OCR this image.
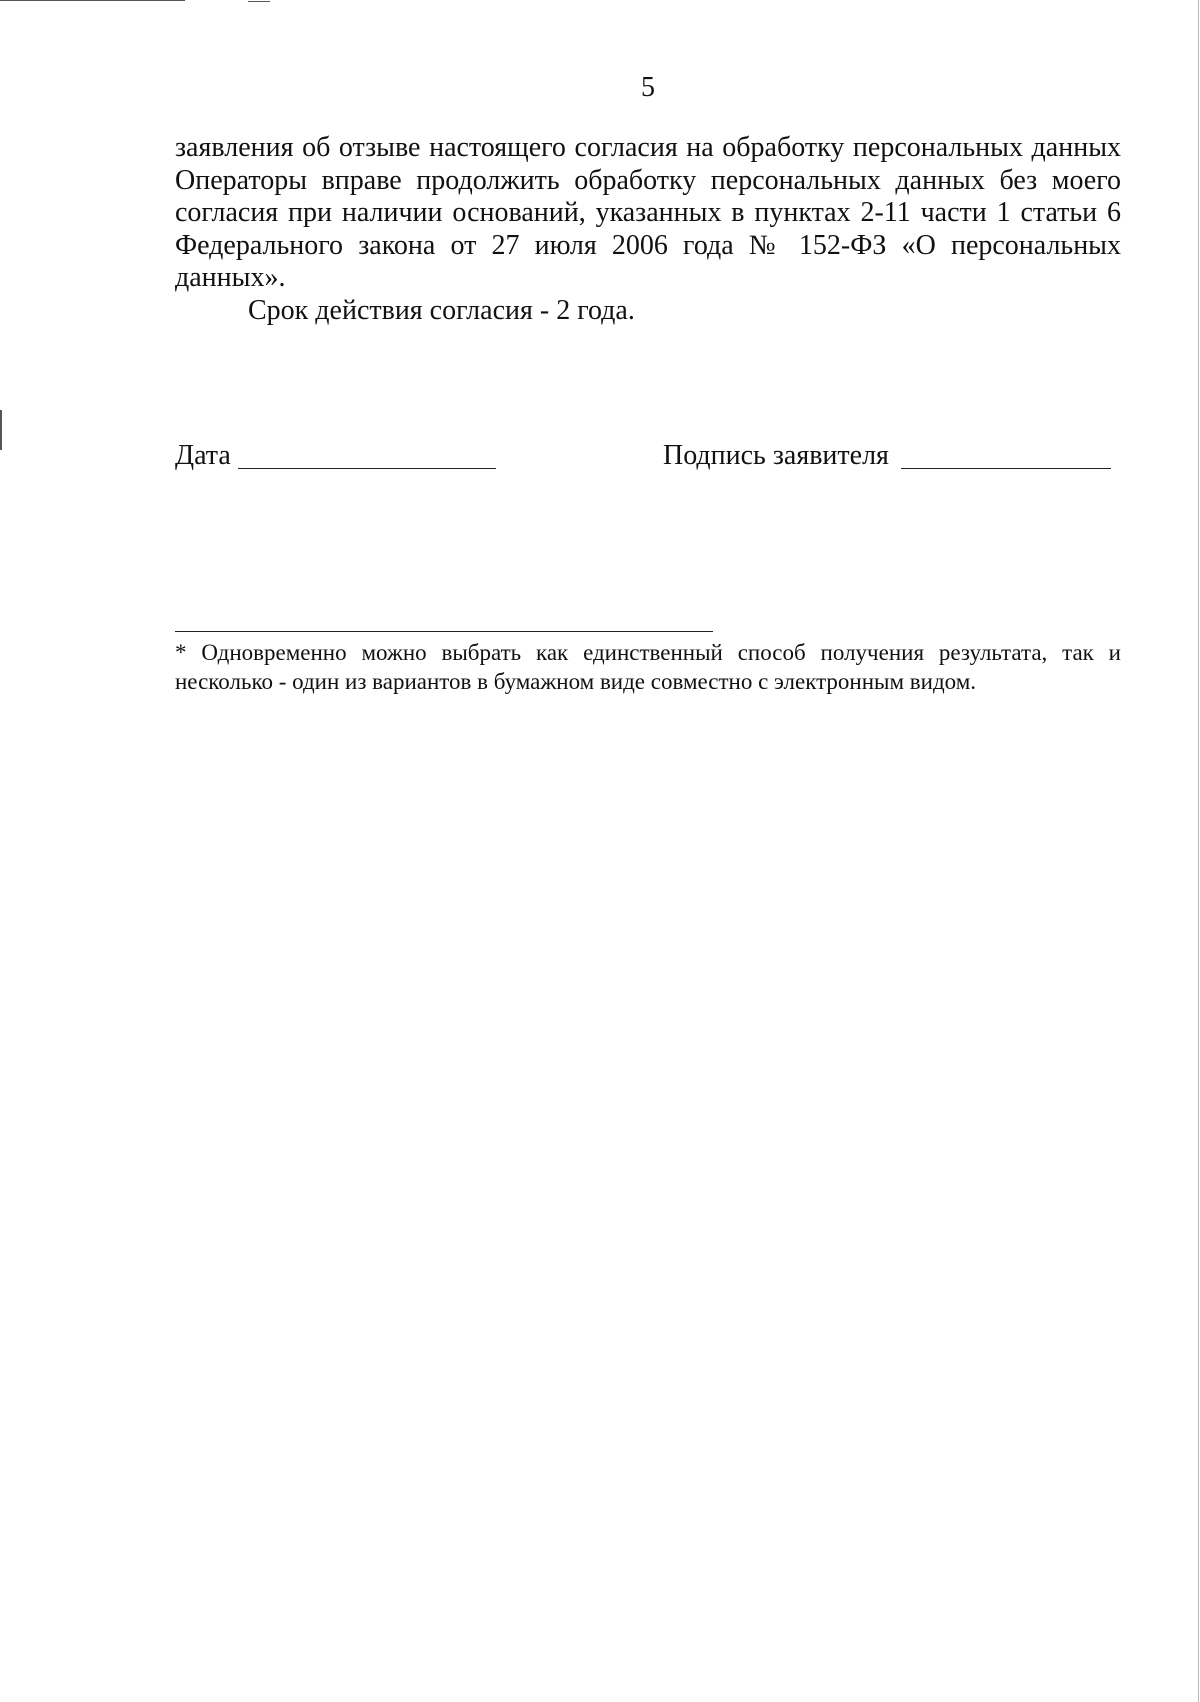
5

заявления об отзыве настоящего согласия на обработку персональных данных Операторы вправе продолжить обработку персональных данных без моего согласия при наличии оснований, указанных в пунктах 2-11 части 1 статьи 6 Федерального закона от 27 июля 2006 года № 152-ФЗ «О персональных данных».

Срок действия согласия - 2 года.

Дата	Подпись заявителя

* Одновременно можно выбрать как единственный способ получения результата, так и несколько - один из вариантов в бумажном виде совместно с электронным видом.
